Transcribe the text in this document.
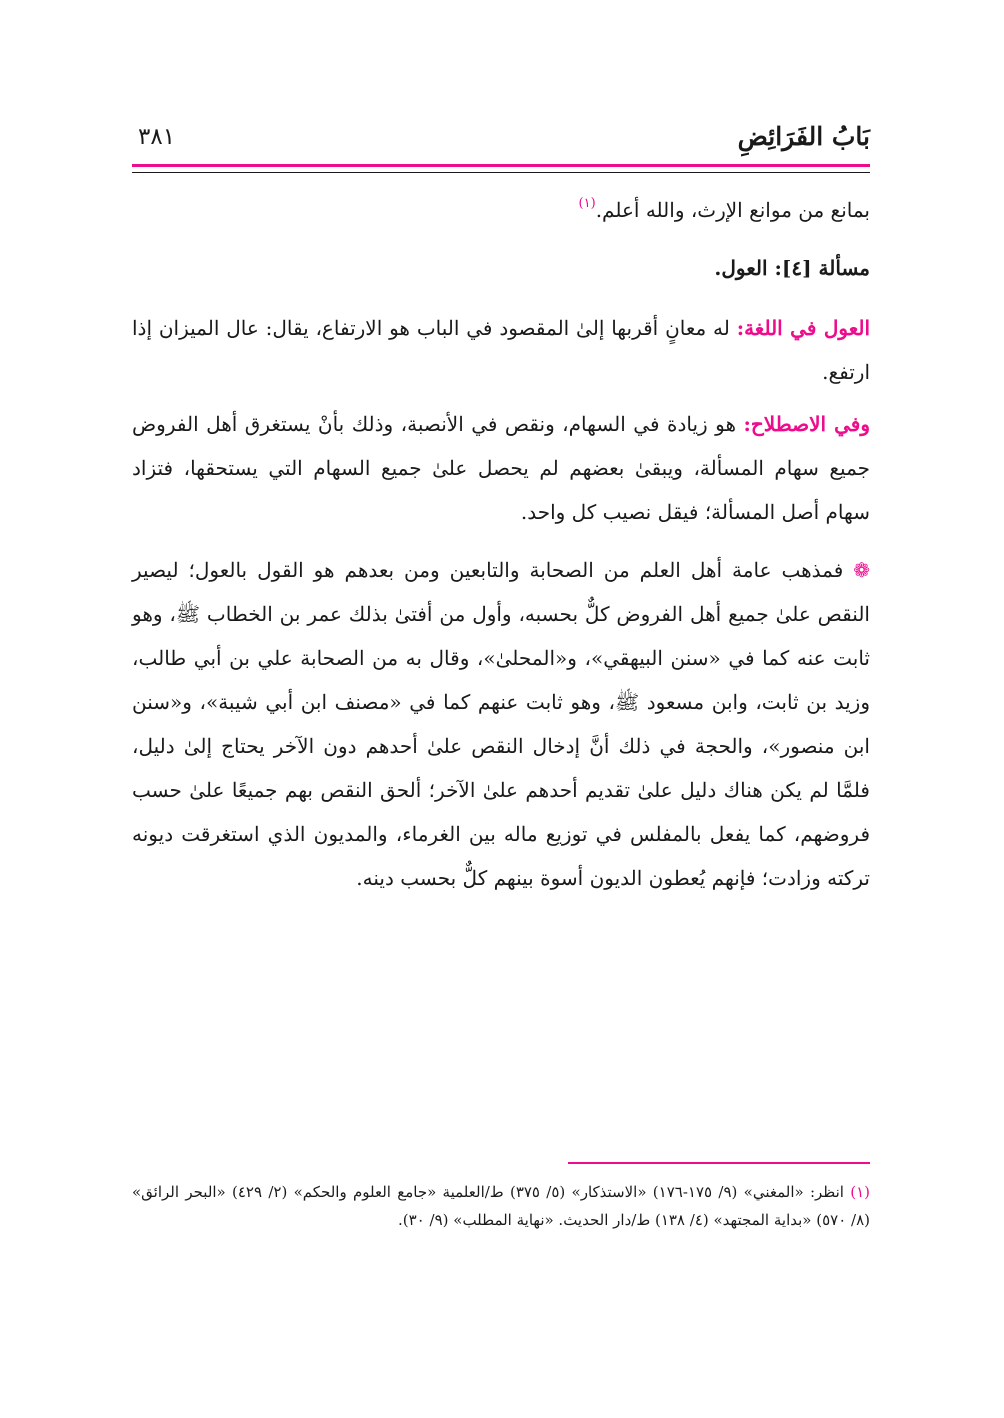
بَابُ الفَرَائِضِ
٣٨١

بمانع من موانع الإرث، والله أعلم.$^{(١)}$

مسألة [٤]: العول.

العول في اللغة: له معانٍ أقربها إلىٰ المقصود في الباب هو الارتفاع، يقال: عال الميزان إذا ارتفع.

وفي الاصطلاح: هو زيادة في السهام، ونقص في الأنصبة، وذلك بأنْ يستغرق أهل الفروض جميع سهام المسألة، ويبقىٰ بعضهم لم يحصل علىٰ جميع السهام التي يستحقها، فتزاد سهام أصل المسألة؛ فيقل نصيب كل واحد.

❁ فمذهب عامة أهل العلم من الصحابة والتابعين ومن بعدهم هو القول بالعول؛ ليصير النقص علىٰ جميع أهل الفروض كلٌّ بحسبه، وأول من أفتىٰ بذلك عمر بن الخطاب ﷺ، وهو ثابت عنه كما في «سنن البيهقي»، و«المحلىٰ»، وقال به من الصحابة علي بن أبي طالب، وزيد بن ثابت، وابن مسعود ﷺ، وهو ثابت عنهم كما في «مصنف ابن أبي شيبة»، و«سنن ابن منصور»، والحجة في ذلك أنَّ إدخال النقص علىٰ أحدهم دون الآخر يحتاج إلىٰ دليل، فلمَّا لم يكن هناك دليل علىٰ تقديم أحدهم علىٰ الآخر؛ ألحق النقص بهم جميعًا علىٰ حسب فروضهم، كما يفعل بالمفلس في توزيع ماله بين الغرماء، والمديون الذي استغرقت ديونه تركته وزادت؛ فإنهم يُعطون الديون أسوة بينهم كلٌّ بحسب دينه.

(١) انظر: «المغني» (٩/ ١٧٥-١٧٦) «الاستذكار» (٥/ ٣٧٥) ط/العلمية «جامع العلوم والحكم» (٢/ ٤٢٩) «البحر الرائق» (٨/ ٥٧٠) «بداية المجتهد» (٤/ ١٣٨) ط/دار الحديث. «نهاية المطلب» (٩/ ٣٠).
